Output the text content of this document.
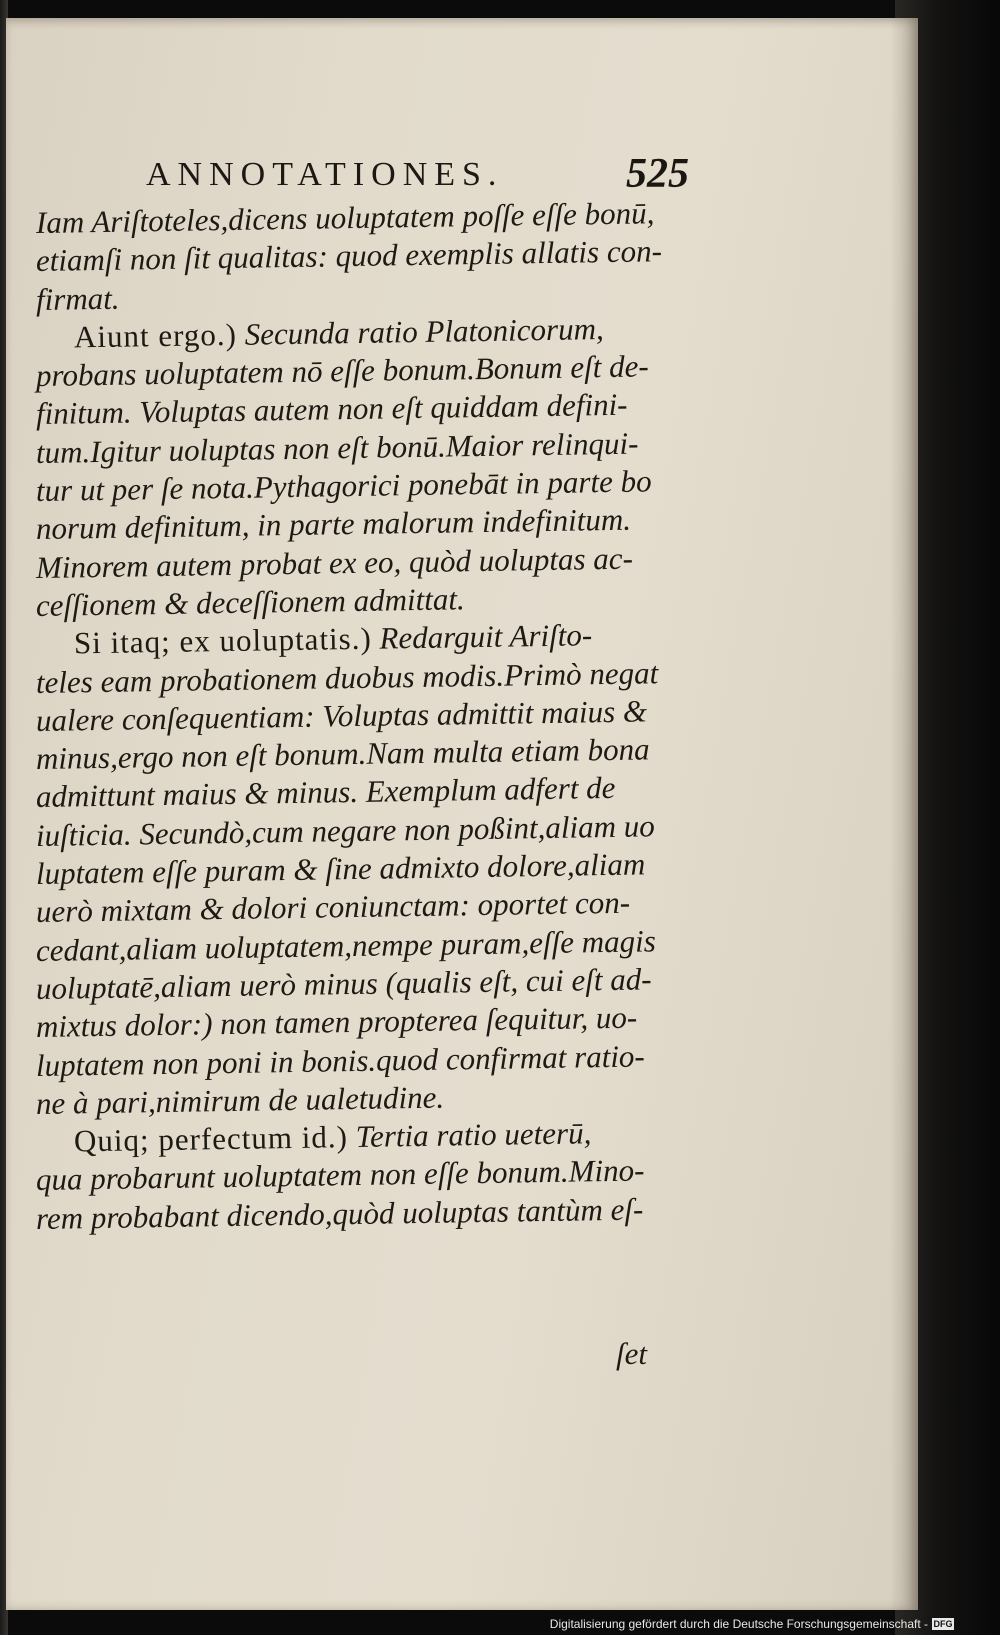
ANNOTATIONES.	525
Iam Ariſtoteles,dicens uoluptatem poſſe eſſe bonū,
etiamſi non ſit qualitas: quod exemplis allatis con-
firmat.
Aiunt ergo.) Secunda ratio Platonicorum,
probans uoluptatem nō eſſe bonum.Bonum eſt de-
finitum. Voluptas autem non eſt quiddam defini-
tum.Igitur uoluptas non eſt bonū.Maior relinqui-
tur ut per ſe nota.Pythagorici ponebāt in parte bo
norum definitum, in parte malorum indefinitum.
Minorem autem probat ex eo, quòd uoluptas ac-
ceſſionem & deceſſionem admittat.
Si itaq; ex uoluptatis.) Redarguit Ariſto-
teles eam probationem duobus modis.Primò negat
ualere conſequentiam: Voluptas admittit maius &
minus,ergo non eſt bonum.Nam multa etiam bona
admittunt maius & minus. Exemplum adfert de
iuſticia. Secundò,cum negare non poßint,aliam uo
luptatem eſſe puram & ſine admixto dolore,aliam
uerò mixtam & dolori coniunctam: oportet con-
cedant,aliam uoluptatem,nempe puram,eſſe magis
uoluptatē,aliam uerò minus (qualis eſt, cui eſt ad-
mixtus dolor:) non tamen propterea ſequitur, uo-
luptatem non poni in bonis.quod confirmat ratio-
ne à pari,nimirum de ualetudine.
Quiq; perfectum id.) Tertia ratio ueterū,
qua probarunt uoluptatem non eſſe bonum.Mino-
rem probabant dicendo,quòd uoluptas tantùm eſ-
ſet
Digitalisierung gefördert durch die Deutsche Forschungsgemeinschaft - DFG
